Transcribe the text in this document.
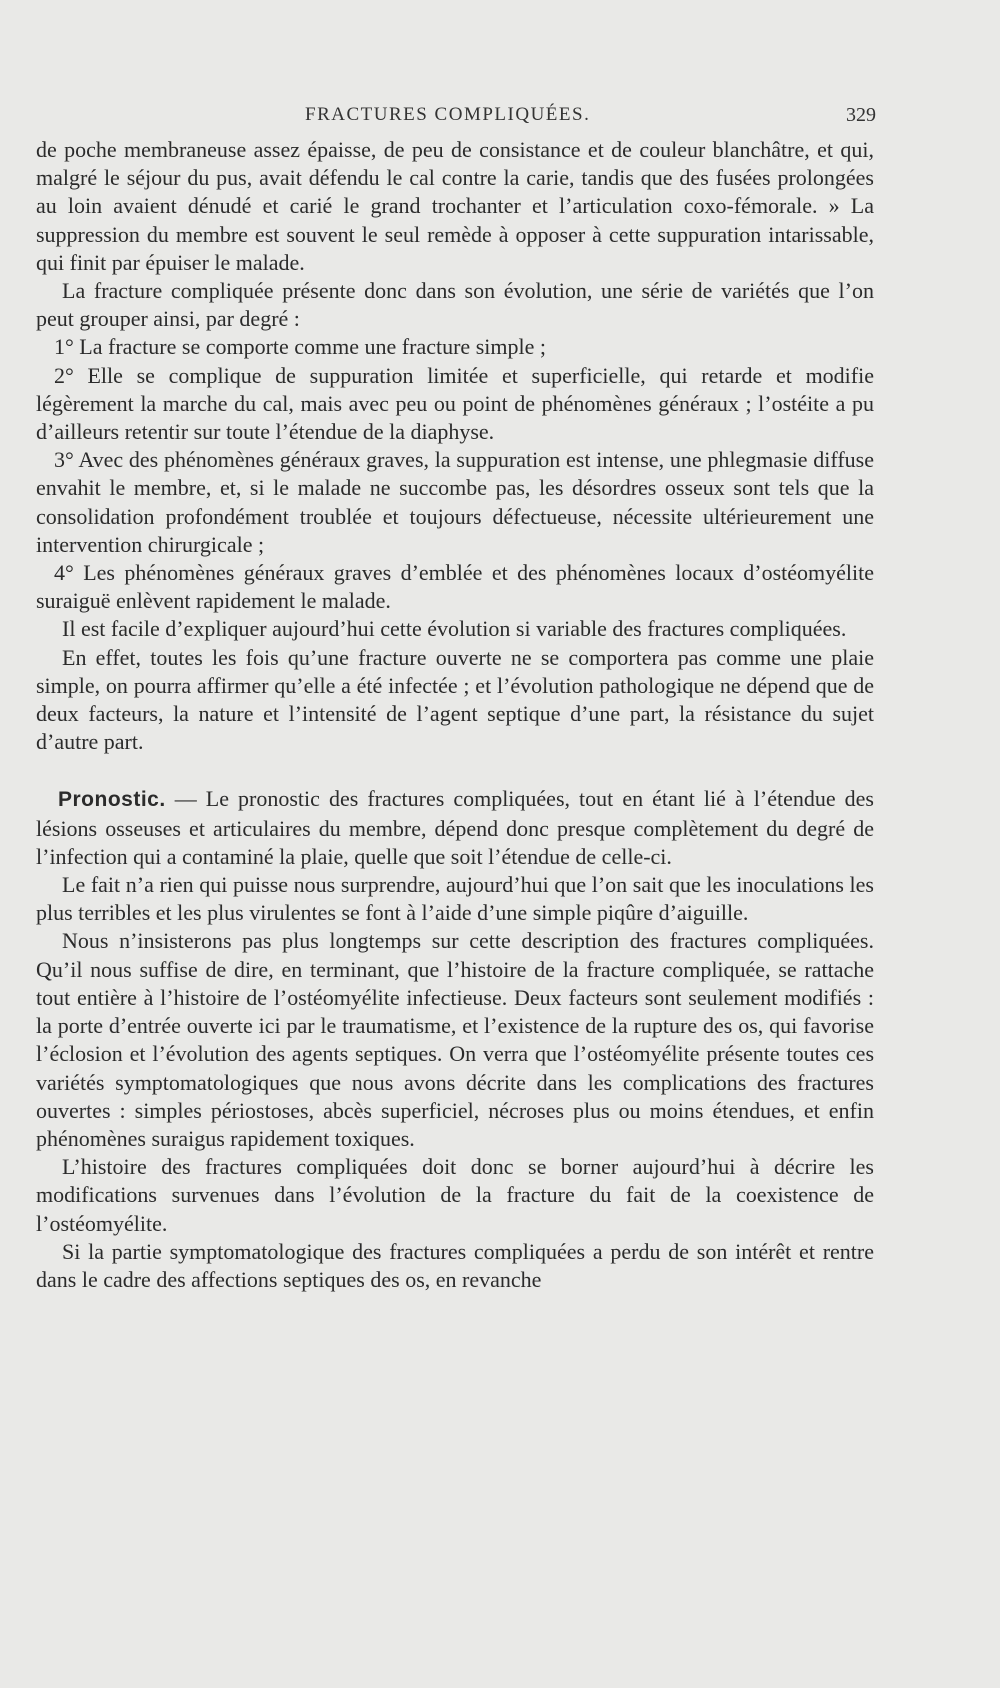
FRACTURES COMPLIQUÉES.	329

de poche membraneuse assez épaisse, de peu de consistance et de couleur blanchâtre, et qui, malgré le séjour du pus, avait défendu le cal contre la carie, tandis que des fusées prolongées au loin avaient dénudé et carié le grand trochanter et l’articulation coxo-fémorale. » La suppression du membre est souvent le seul remède à opposer à cette suppuration intarissable, qui finit par épuiser le malade.

La fracture compliquée présente donc dans son évolution, une série de variétés que l’on peut grouper ainsi, par degré :

1° La fracture se comporte comme une fracture simple ;

2° Elle se complique de suppuration limitée et superficielle, qui retarde et modifie légèrement la marche du cal, mais avec peu ou point de phénomènes généraux ; l’ostéite a pu d’ailleurs retentir sur toute l’étendue de la diaphyse.

3° Avec des phénomènes généraux graves, la suppuration est intense, une phlegmasie diffuse envahit le membre, et, si le malade ne succombe pas, les désordres osseux sont tels que la consolidation profondément troublée et toujours défectueuse, nécessite ultérieurement une intervention chirurgicale ;

4° Les phénomènes généraux graves d’emblée et des phénomènes locaux d’ostéomyélite suraiguë enlèvent rapidement le malade.

Il est facile d’expliquer aujourd’hui cette évolution si variable des fractures compliquées.

En effet, toutes les fois qu’une fracture ouverte ne se comportera pas comme une plaie simple, on pourra affirmer qu’elle a été infectée ; et l’évolution pathologique ne dépend que de deux facteurs, la nature et l’intensité de l’agent septique d’une part, la résistance du sujet d’autre part.

Pronostic. — Le pronostic des fractures compliquées, tout en étant lié à l’étendue des lésions osseuses et articulaires du membre, dépend donc presque complètement du degré de l’infection qui a contaminé la plaie, quelle que soit l’étendue de celle-ci.

Le fait n’a rien qui puisse nous surprendre, aujourd’hui que l’on sait que les inoculations les plus terribles et les plus virulentes se font à l’aide d’une simple piqûre d’aiguille.

Nous n’insisterons pas plus longtemps sur cette description des fractures compliquées. Qu’il nous suffise de dire, en terminant, que l’histoire de la fracture compliquée, se rattache tout entière à l’histoire de l’ostéomyélite infectieuse. Deux facteurs sont seulement modifiés : la porte d’entrée ouverte ici par le traumatisme, et l’existence de la rupture des os, qui favorise l’éclosion et l’évolution des agents septiques. On verra que l’ostéomyélite présente toutes ces variétés symptomatologiques que nous avons décrite dans les complications des fractures ouvertes : simples périostoses, abcès superficiel, nécroses plus ou moins étendues, et enfin phénomènes suraigus rapidement toxiques.

L’histoire des fractures compliquées doit donc se borner aujourd’hui à décrire les modifications survenues dans l’évolution de la fracture du fait de la coexistence de l’ostéomyélite.

Si la partie symptomatologique des fractures compliquées a perdu de son intérêt et rentre dans le cadre des affections septiques des os, en revanche
